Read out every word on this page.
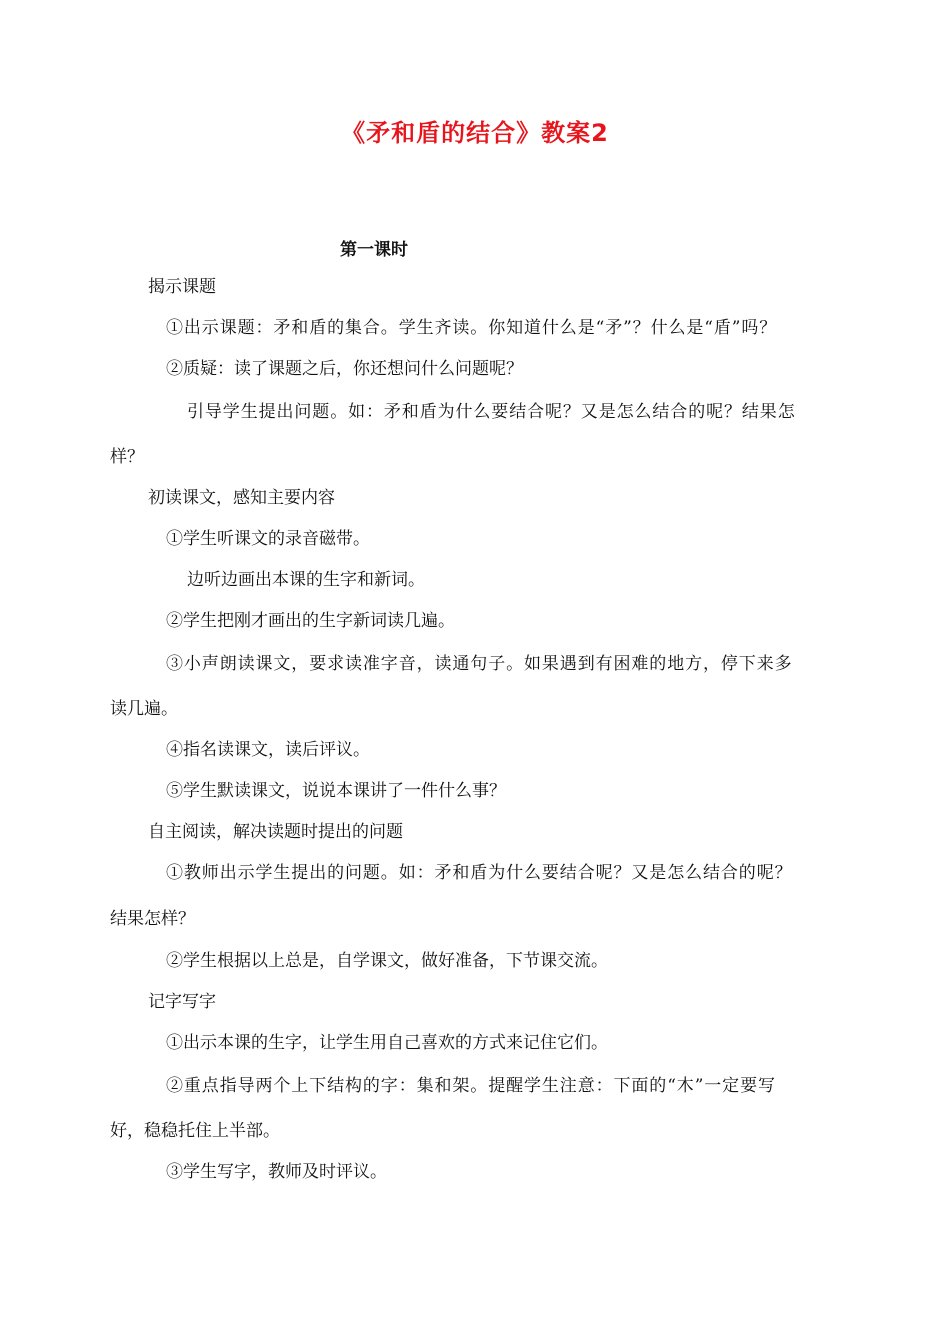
《矛和盾的结合》教案2
第一课时
揭示课题
①出示课题：矛和盾的集合。学生齐读。你知道什么是“矛”？什么是“盾”吗？
②质疑：读了课题之后，你还想问什么问题呢？
引导学生提出问题。如：矛和盾为什么要结合呢？又是怎么结合的呢？结果怎
样？
初读课文，感知主要内容
①学生听课文的录音磁带。
边听边画出本课的生字和新词。
②学生把刚才画出的生字新词读几遍。
③小声朗读课文，要求读准字音，读通句子。如果遇到有困难的地方，停下来多
读几遍。
④指名读课文，读后评议。
⑤学生默读课文，说说本课讲了一件什么事？
自主阅读，解决读题时提出的问题
①教师出示学生提出的问题。如：矛和盾为什么要结合呢？又是怎么结合的呢？
结果怎样？
②学生根据以上总是，自学课文，做好准备，下节课交流。
记字写字
①出示本课的生字，让学生用自己喜欢的方式来记住它们。
②重点指导两个上下结构的字：集和架。提醒学生注意：下面的“木”一定要写
好，稳稳托住上半部。
③学生写字，教师及时评议。
